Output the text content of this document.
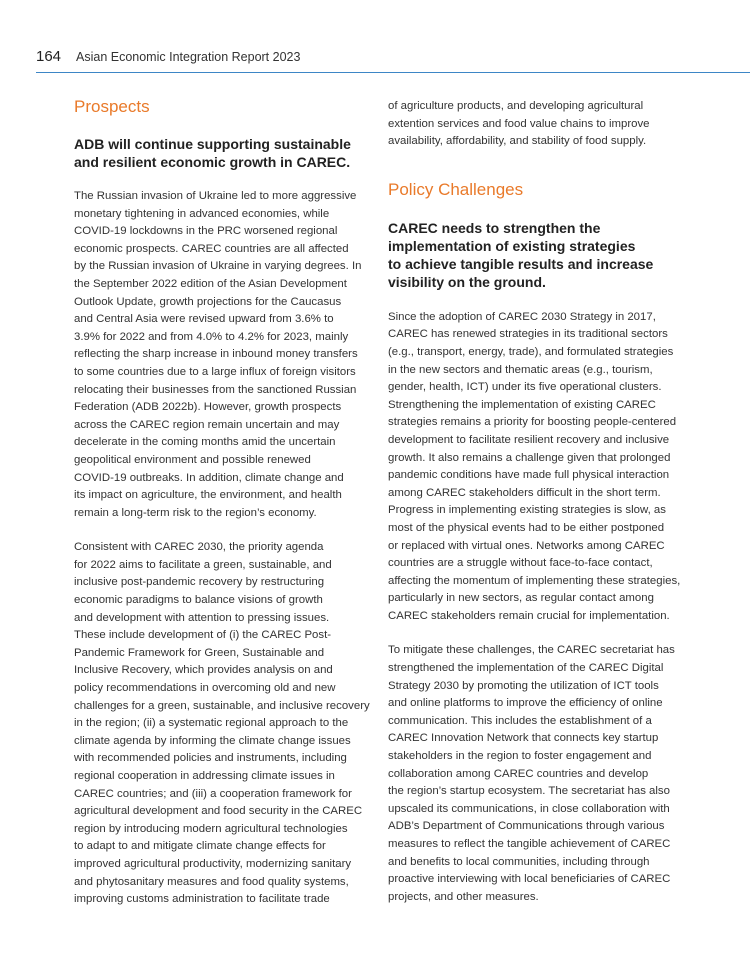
164 Asian Economic Integration Report 2023
Prospects
ADB will continue supporting sustainable
and resilient economic growth in CAREC.

The Russian invasion of Ukraine led to more aggressive
monetary tightening in advanced economies, while
COVID-19 lockdowns in the PRC worsened regional
economic prospects. CAREC countries are all affected
by the Russian invasion of Ukraine in varying degrees. In
the September 2022 edition of the Asian Development
Outlook Update, growth projections for the Caucasus
and Central Asia were revised upward from 3.6% to
3.9% for 2022 and from 4.0% to 4.2% for 2023, mainly
reflecting the sharp increase in inbound money transfers
to some countries due to a large influx of foreign visitors
relocating their businesses from the sanctioned Russian
Federation (ADB 2022b). However, growth prospects
across the CAREC region remain uncertain and may
decelerate in the coming months amid the uncertain
geopolitical environment and possible renewed
COVID-19 outbreaks. In addition, climate change and
its impact on agriculture, the environment, and health
remain a long-term risk to the region’s economy.

Consistent with CAREC 2030, the priority agenda
for 2022 aims to facilitate a green, sustainable, and
inclusive post-pandemic recovery by restructuring
economic paradigms to balance visions of growth
and development with attention to pressing issues.
These include development of (i) the CAREC Post-
Pandemic Framework for Green, Sustainable and
Inclusive Recovery, which provides analysis on and
policy recommendations in overcoming old and new
challenges for a green, sustainable, and inclusive recovery
in the region; (ii) a systematic regional approach to the
climate agenda by informing the climate change issues
with recommended policies and instruments, including
regional cooperation in addressing climate issues in
CAREC countries; and (iii) a cooperation framework for
agricultural development and food security in the CAREC
region by introducing modern agricultural technologies
to adapt to and mitigate climate change effects for
improved agricultural productivity, modernizing sanitary
and phytosanitary measures and food quality systems,
improving customs administration to facilitate trade

of agriculture products, and developing agricultural
extention services and food value chains to improve
availability, affordability, and stability of food supply.

Policy Challenges
CAREC needs to strengthen the
implementation of existing strategies
to achieve tangible results and increase
visibility on the ground.

Since the adoption of CAREC 2030 Strategy in 2017,
CAREC has renewed strategies in its traditional sectors
(e.g., transport, energy, trade), and formulated strategies
in the new sectors and thematic areas (e.g., tourism,
gender, health, ICT) under its five operational clusters.
Strengthening the implementation of existing CAREC
strategies remains a priority for boosting people-centered
development to facilitate resilient recovery and inclusive
growth. It also remains a challenge given that prolonged
pandemic conditions have made full physical interaction
among CAREC stakeholders difficult in the short term.
Progress in implementing existing strategies is slow, as
most of the physical events had to be either postponed
or replaced with virtual ones. Networks among CAREC
countries are a struggle without face-to-face contact,
affecting the momentum of implementing these strategies,
particularly in new sectors, as regular contact among
CAREC stakeholders remain crucial for implementation.

To mitigate these challenges, the CAREC secretariat has
strengthened the implementation of the CAREC Digital
Strategy 2030 by promoting the utilization of ICT tools
and online platforms to improve the efficiency of online
communication. This includes the establishment of a
CAREC Innovation Network that connects key startup
stakeholders in the region to foster engagement and
collaboration among CAREC countries and develop
the region’s startup ecosystem. The secretariat has also
upscaled its communications, in close collaboration with
ADB’s Department of Communications through various
measures to reflect the tangible achievement of CAREC
and benefits to local communities, including through
proactive interviewing with local beneficiaries of CAREC
projects, and other measures.
